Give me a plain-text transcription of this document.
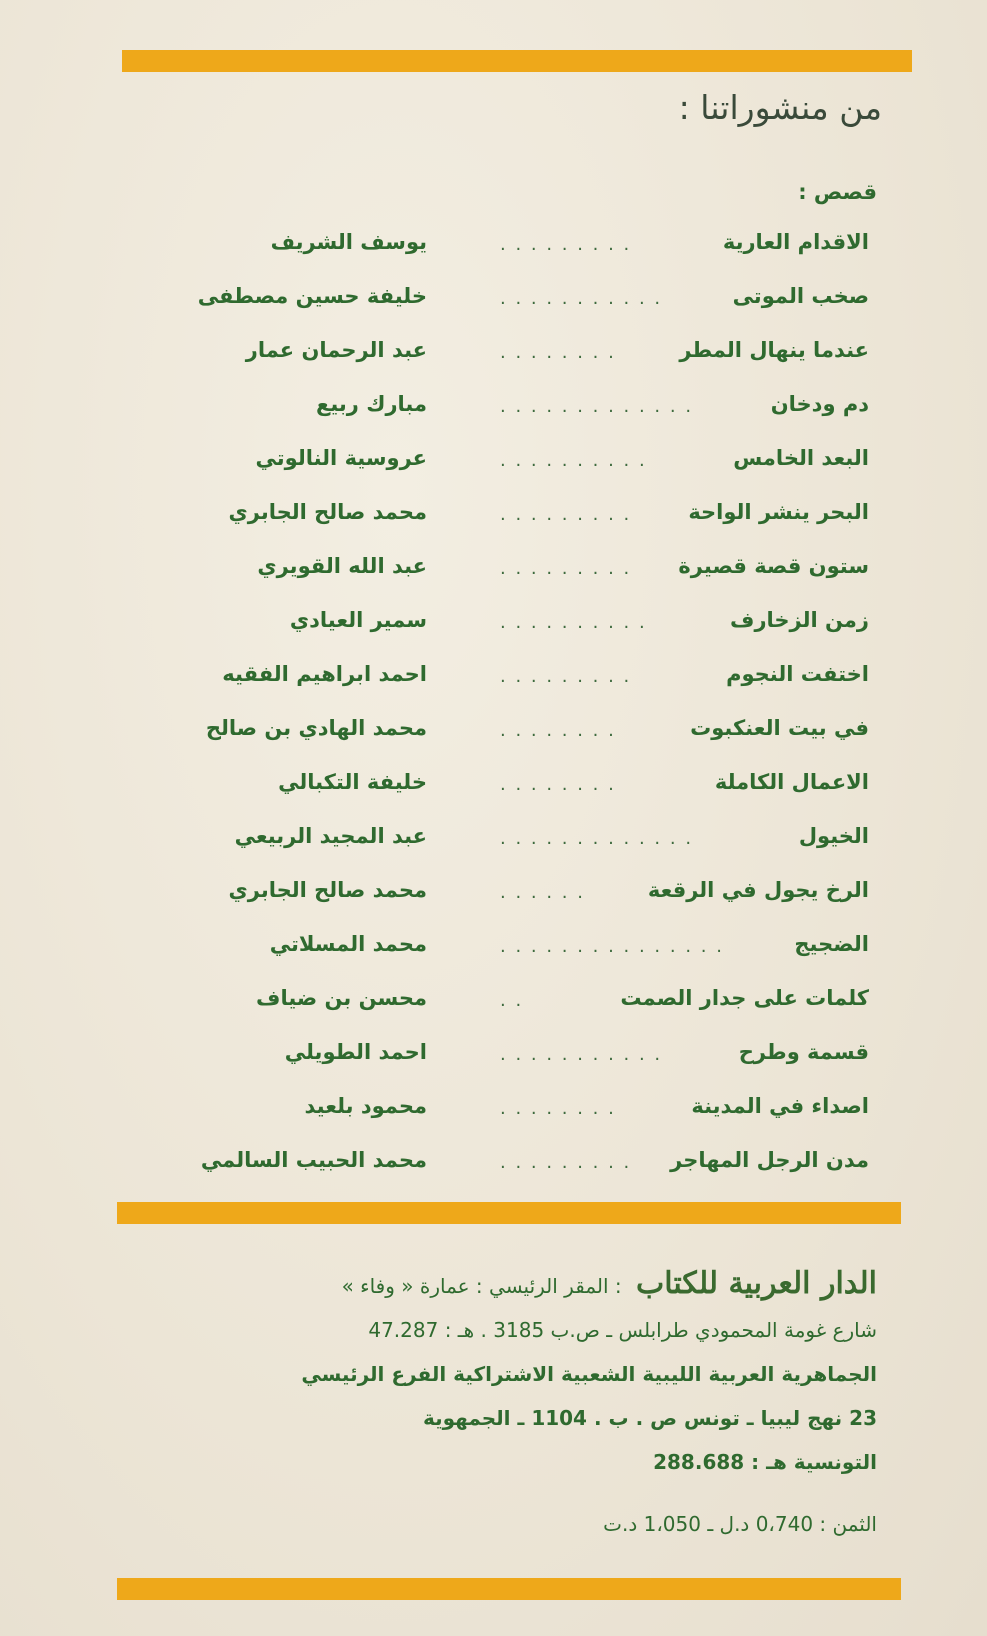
من منشوراتنا :
قصص :
الاقدام العارية
. . . . . . . . .
يوسف الشريف
صخب الموتى
. . . . . . . . . . .
خليفة حسين مصطفى
عندما ينهال المطر
. . . . . . . .
عبد الرحمان عمار
دم ودخان
. . . . . . . . . . . . .
مبارك ربيع
البعد الخامس
. . . . . . . . . .
عروسية النالوتي
البحر ينشر الواحة
. . . . . . . . .
محمد صالح الجابري
ستون قصة قصيرة
. . . . . . . . .
عبد الله القويري
زمن الزخارف
. . . . . . . . . .
سمير العيادي
اختفت النجوم
. . . . . . . . .
احمد ابراهيم الفقيه
في بيت العنكبوت
. . . . . . . .
محمد الهادي بن صالح
الاعمال الكاملة
. . . . . . . .
خليفة التكبالي
الخيول
. . . . . . . . . . . . .
عبد المجيد الربيعي
الرخ يجول في الرقعة
. . . . . .
محمد صالح الجابري
الضجيج
. . . . . . . . . . . . . . .
محمد المسلاتي
كلمات على جدار الصمت
. .
محسن بن ضياف
قسمة وطرح
. . . . . . . . . . .
احمد الطويلي
اصداء في المدينة
. . . . . . . .
محمود بلعيد
مدن الرجل المهاجر
. . . . . . . . .
محمد الحبيب السالمي
الدار العربية للكتاب : المقر الرئيسي : عمارة « وفاء »
شارع غومة المحمودي طرابلس ـ ص.ب 3185 . هـ : 47.287
الجماهرية العربية الليبية الشعبية الاشتراكية الفرع الرئيسي
23 نهج ليبيا ـ تونس ص . ب . 1104 ـ الجمهوية
التونسية هـ : 288.688
الثمن : 0،740 د.ل ـ 1،050 د.ت
